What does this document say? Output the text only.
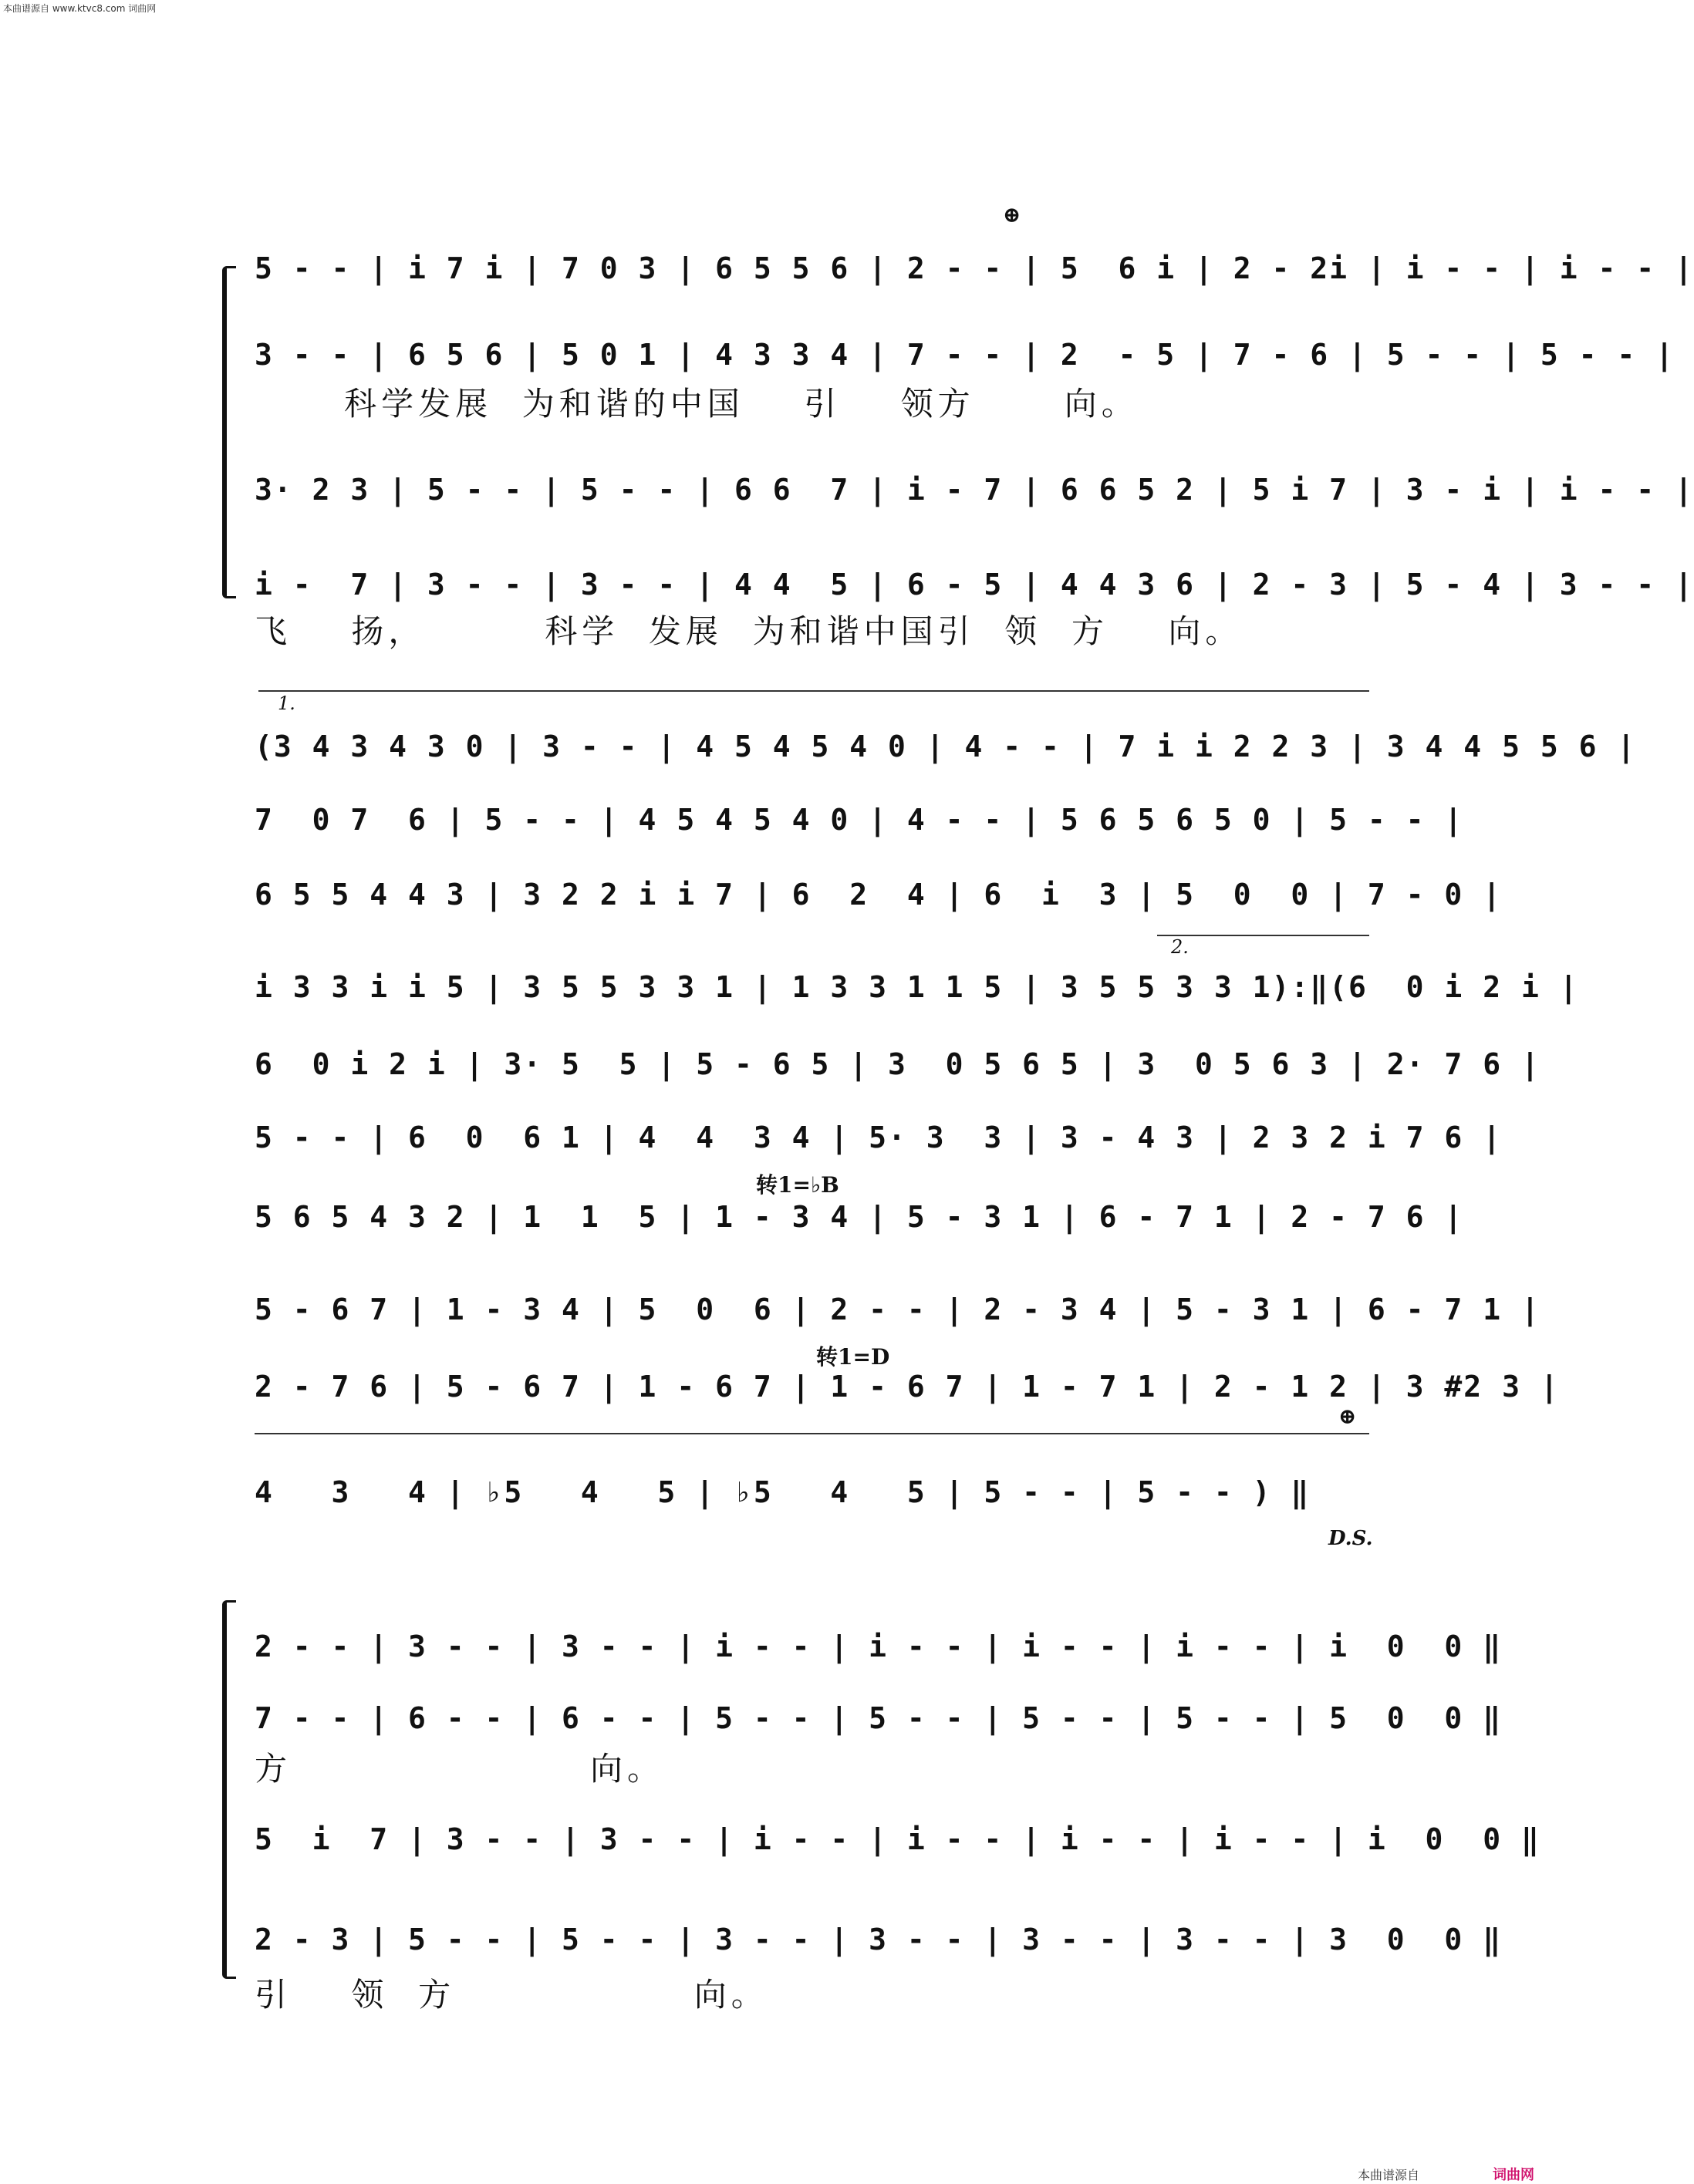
本曲谱源自 www.ktvc8.com 词曲网
⊕
5 - - | i 7 i | 7 0 3 | 6 5 5 6 | 2 - - | 5  6 i | 2 - 2i | i - - | i - - |
3 - - | 6 5 6 | 5 0 1 | 4 3 3 4 | 7 - - | 2  - 5 | 7 - 6 | 5 - - | 5 - - |
科学发展  为和谐的中国    引    领方      向。
3· 2 3 | 5 - - | 5 - - | 6 6  7 | i - 7 | 6 6 5 2 | 5 i 7 | 3 - i | i - - |
i -  7 | 3 - - | 3 - - | 4 4  5 | 6 - 5 | 4 4 3 6 | 2 - 3 | 5 - 4 | 3 - - |
飞    扬，        科学  发展  为和谐中国引  领  方    向。
1.
(3 4 3 4 3 0 | 3 - - | 4 5 4 5 4 0 | 4 - - | 7 i i 2 2 3 | 3 4 4 5 5 6 |
7  0 7  6 | 5 - - | 4 5 4 5 4 0 | 4 - - | 5 6 5 6 5 0 | 5 - - |
6 5 5 4 4 3 | 3 2 2 i i 7 | 6  2  4 | 6  i  3 | 5  0  0 | 7 - 0 |
2.
i 3 3 i i 5 | 3 5 5 3 3 1 | 1 3 3 1 1 5 | 3 5 5 3 3 1):‖(6  0 i 2 i |
6  0 i 2 i | 3· 5  5 | 5 - 6 5 | 3  0 5 6 5 | 3  0 5 6 3 | 2· 7 6 |
5 - - | 6  0  6 1 | 4  4  3 4 | 5· 3  3 | 3 - 4 3 | 2 3 2 i 7 6 |
转1=♭B
5 6 5 4 3 2 | 1  1  5 | 1 - 3 4 | 5 - 3 1 | 6 - 7 1 | 2 - 7 6 |
5 - 6 7 | 1 - 3 4 | 5  0  6 | 2 - - | 2 - 3 4 | 5 - 3 1 | 6 - 7 1 |
转1=D
2 - 7 6 | 5 - 6 7 | 1 - 6 7 | 1 - 6 7 | 1 - 7 1 | 2 - 1 2 | 3 #2 3 |
⊕
4   3   4 | ♭5   4   5 | ♭5   4   5 | 5 - - | 5 - - ) ‖
D.S.
2 - - | 3 - - | 3 - - | i - - | i - - | i - - | i - - | i  0  0 ‖
7 - - | 6 - - | 6 - - | 5 - - | 5 - - | 5 - - | 5 - - | 5  0  0 ‖
方                    向。
5  i  7 | 3 - - | 3 - - | i - - | i - - | i - - | i - - | i  0  0 ‖
2 - 3 | 5 - - | 5 - - | 3 - - | 3 - - | 3 - - | 3 - - | 3  0  0 ‖
引    领  方                向。
本曲谱源自	词曲网
